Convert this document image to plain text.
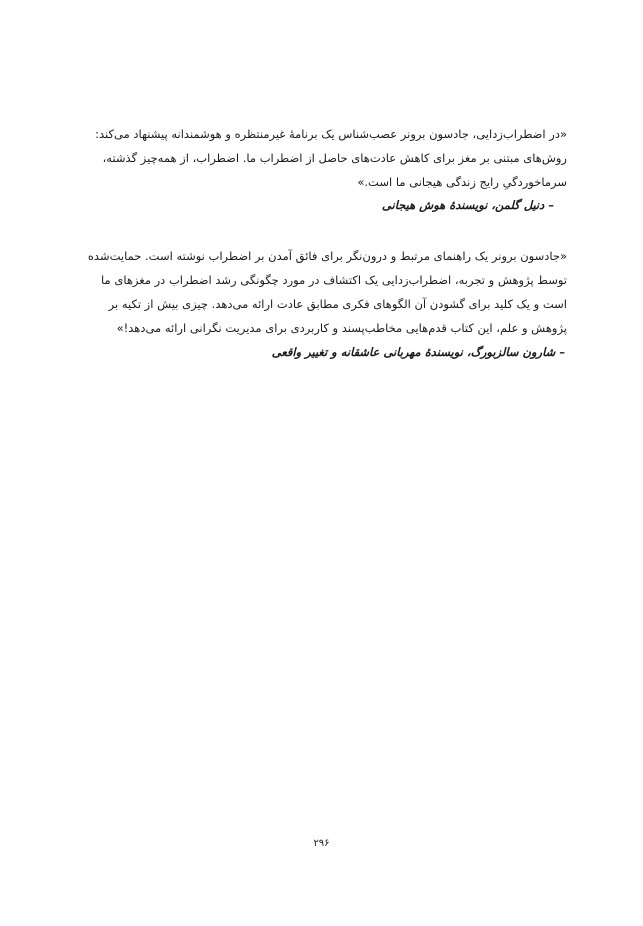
«در اضطراب‌زدایی، جادسون برونر عصب‌شناس یک برنامهٔ غیرمنتظره و هوشمندانه پیشنهاد می‌کند:
روش‌های مبتنی بر مغز برای کاهش عادت‌های حاصل از اضطراب ما. اضطراب، از همه‌چیز گذشته،
سرماخوردگیِ رایج زندگی هیجانی ما است.»
– دنیل گلمن، نویسندهٔ هوش هیجانی
«جادسون برونر یک راهنمای مرتبط و درون‌نگر برای فائق آمدن بر اضطراب نوشته است. حمایت‌شده
توسط پژوهش و تجربه، اضطراب‌زدایی یک اکتشاف در مورد چگونگی رشد اضطراب در مغزهای ما
است و یک کلید برای گشودن آن الگوهای فکری مطابق عادت ارائه می‌دهد. چیزی بیش از تکیه بر
پژوهش و علم، این کتاب قدم‌هایی مخاطب‌پسند و کاربردی برای مدیریت نگرانی ارائه می‌دهد!»
– شارون سالزبورگ، نویسندهٔ مهربانی عاشقانه و تغییر واقعی
۲۹۶
